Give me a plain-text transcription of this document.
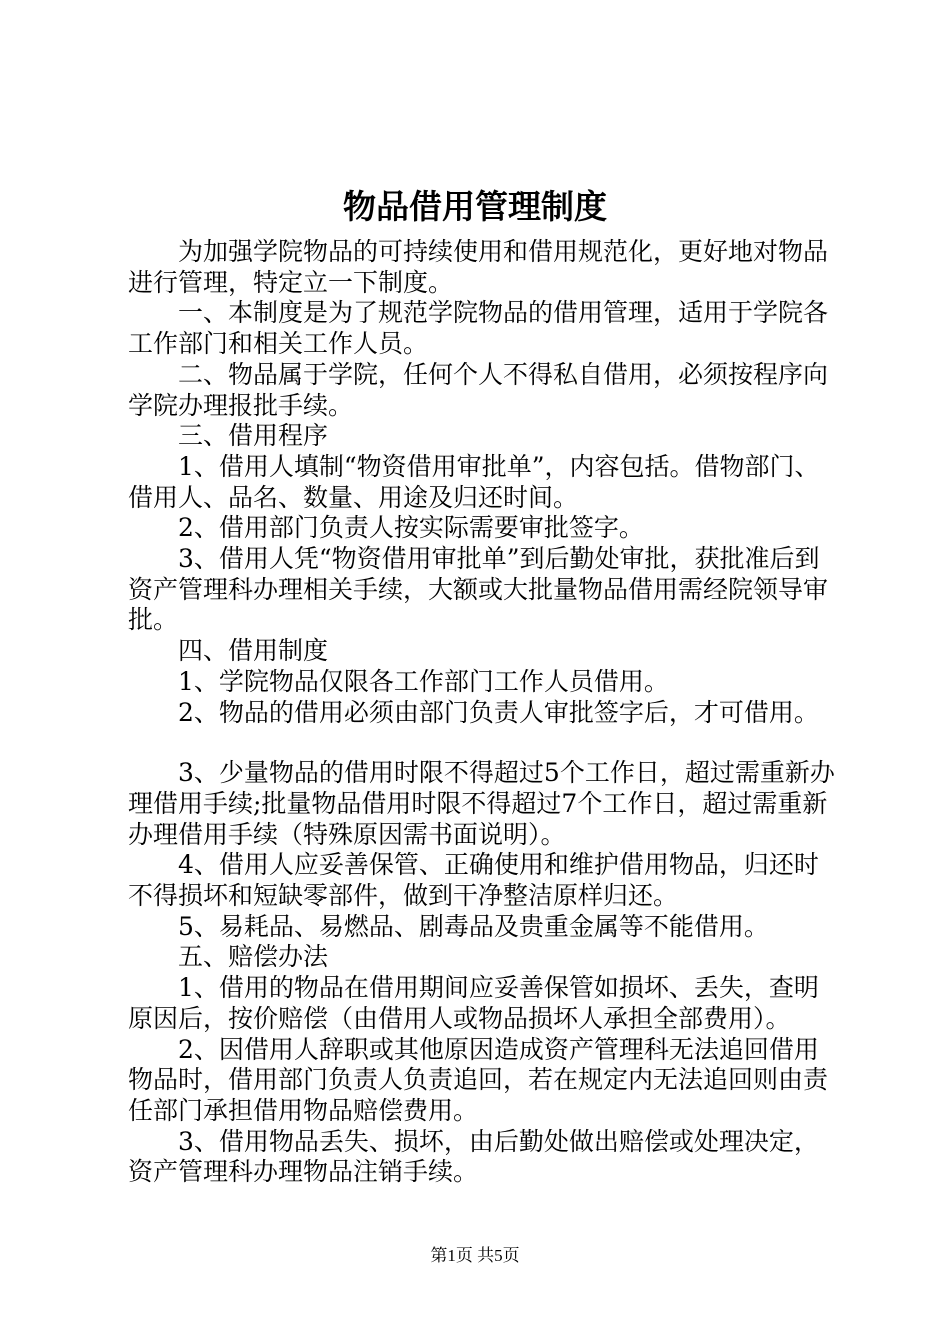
物品借用管理制度

为加强学院物品的可持续使用和借用规范化，更好地对物品进行管理，特定立一下制度。

一、本制度是为了规范学院物品的借用管理，适用于学院各工作部门和相关工作人员。

二、物品属于学院，任何个人不得私自借用，必须按程序向学院办理报批手续。

三、借用程序

1、借用人填制“物资借用审批单”，内容包括。借物部门、借用人、品名、数量、用途及归还时间。

2、借用部门负责人按实际需要审批签字。

3、借用人凭“物资借用审批单”到后勤处审批，获批准后到资产管理科办理相关手续，大额或大批量物品借用需经院领导审批。

四、借用制度

1、学院物品仅限各工作部门工作人员借用。

2、物品的借用必须由部门负责人审批签字后，才可借用。

3、少量物品的借用时限不得超过5个工作日，超过需重新办理借用手续;批量物品借用时限不得超过7个工作日，超过需重新办理借用手续（特殊原因需书面说明）。

4、借用人应妥善保管、正确使用和维护借用物品，归还时不得损坏和短缺零部件，做到干净整洁原样归还。

5、易耗品、易燃品、剧毒品及贵重金属等不能借用。

五、赔偿办法

1、借用的物品在借用期间应妥善保管如损坏、丢失，查明原因后，按价赔偿（由借用人或物品损坏人承担全部费用）。

2、因借用人辞职或其他原因造成资产管理科无法追回借用物品时，借用部门负责人负责追回，若在规定内无法追回则由责任部门承担借用物品赔偿费用。

3、借用物品丢失、损坏，由后勤处做出赔偿或处理决定，资产管理科办理物品注销手续。

第1页 共5页
